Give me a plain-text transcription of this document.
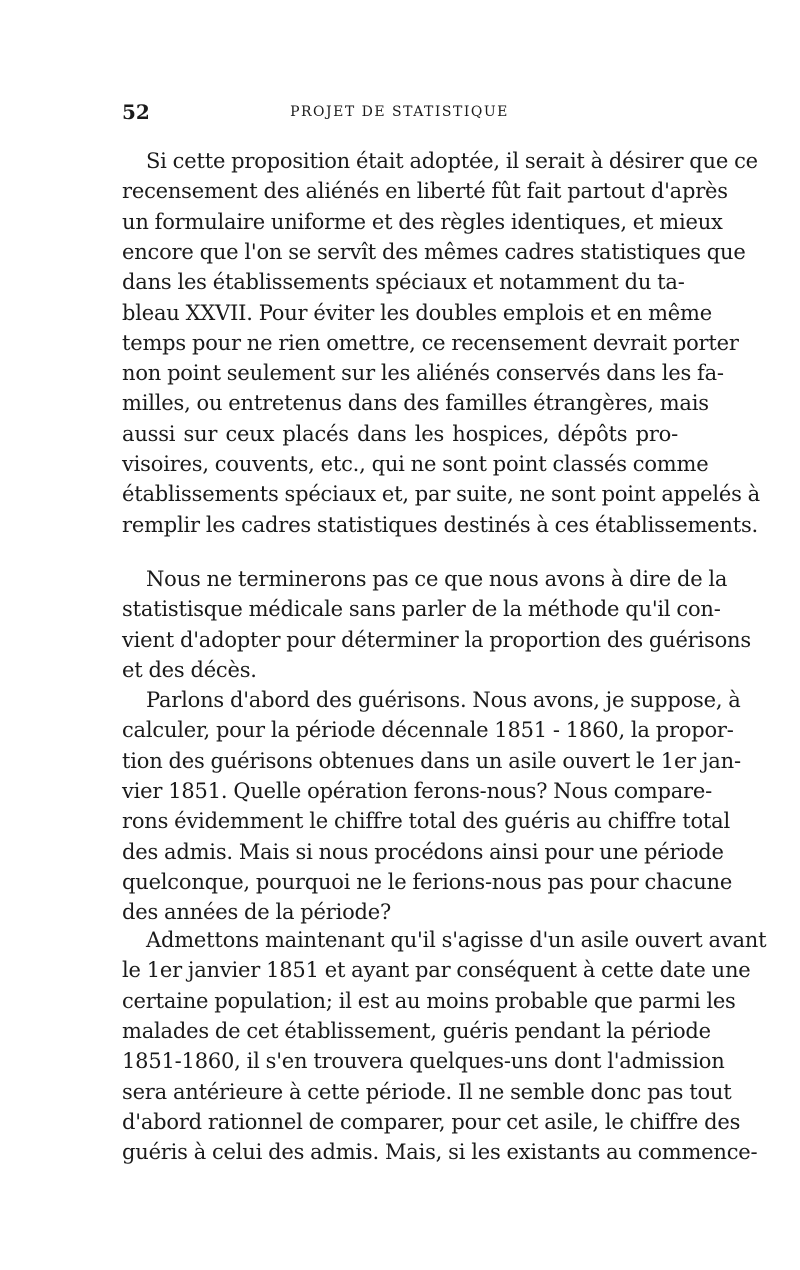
52	PROJET DE STATISTIQUE
Si cette proposition était adoptée, il serait à désirer que ce
recensement des aliénés en liberté fût fait partout d'après
un formulaire uniforme et des règles identiques, et mieux
encore que l'on se servît des mêmes cadres statistiques que
dans les établissements spéciaux et notamment du ta-
bleau XXVII. Pour éviter les doubles emplois et en même
temps pour ne rien omettre, ce recensement devrait porter
non point seulement sur les aliénés conservés dans les fa-
milles, ou entretenus dans des familles étrangères, mais
aussi sur ceux placés dans les hospices, dépôts pro-
visoires, couvents, etc., qui ne sont point classés comme
établissements spéciaux et, par suite, ne sont point appelés à
remplir les cadres statistiques destinés à ces établissements.
Nous ne terminerons pas ce que nous avons à dire de la
statistisque médicale sans parler de la méthode qu'il con-
vient d'adopter pour déterminer la proportion des guérisons
et des décès.
Parlons d'abord des guérisons. Nous avons, je suppose, à
calculer, pour la période décennale 1851 - 1860, la propor-
tion des guérisons obtenues dans un asile ouvert le 1er jan-
vier 1851. Quelle opération ferons-nous? Nous compare-
rons évidemment le chiffre total des guéris au chiffre total
des admis. Mais si nous procédons ainsi pour une période
quelconque, pourquoi ne le ferions-nous pas pour chacune
des années de la période?
Admettons maintenant qu'il s'agisse d'un asile ouvert avant
le 1er janvier 1851 et ayant par conséquent à cette date une
certaine population; il est au moins probable que parmi les
malades de cet établissement, guéris pendant la période
1851-1860, il s'en trouvera quelques-uns dont l'admission
sera antérieure à cette période. Il ne semble donc pas tout
d'abord rationnel de comparer, pour cet asile, le chiffre des
guéris à celui des admis. Mais, si les existants au commence-
